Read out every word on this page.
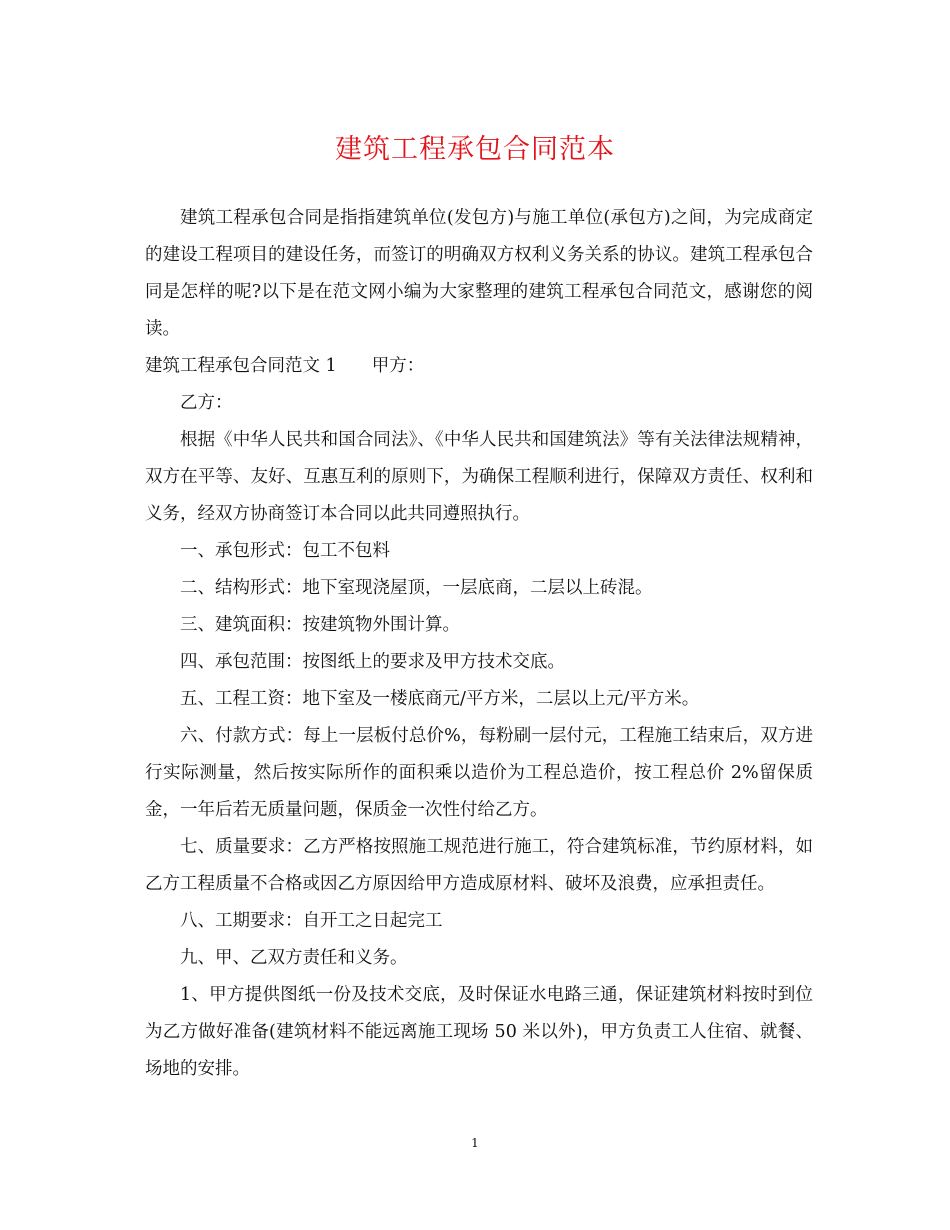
建筑工程承包合同范本

建筑工程承包合同是指指建筑单位(发包方)与施工单位(承包方)之间，为完成商定的建设工程项目的建设任务，而签订的明确双方权利义务关系的协议。建筑工程承包合同是怎样的呢?以下是在范文网小编为大家整理的建筑工程承包合同范文，感谢您的阅读。

建筑工程承包合同范文 1　　甲方：

乙方：

根据《中华人民共和国合同法》、《中华人民共和国建筑法》等有关法律法规精神，双方在平等、友好、互惠互利的原则下，为确保工程顺利进行，保障双方责任、权利和义务，经双方协商签订本合同以此共同遵照执行。

一、承包形式：包工不包料

二、结构形式：地下室现浇屋顶，一层底商，二层以上砖混。

三、建筑面积：按建筑物外围计算。

四、承包范围：按图纸上的要求及甲方技术交底。

五、工程工资：地下室及一楼底商元/平方米，二层以上元/平方米。

六、付款方式：每上一层板付总价%，每粉刷一层付元，工程施工结束后，双方进行实际测量，然后按实际所作的面积乘以造价为工程总造价，按工程总价 2%留保质金，一年后若无质量问题，保质金一次性付给乙方。

七、质量要求：乙方严格按照施工规范进行施工，符合建筑标准，节约原材料，如乙方工程质量不合格或因乙方原因给甲方造成原材料、破坏及浪费，应承担责任。

八、工期要求：自开工之日起完工

九、甲、乙双方责任和义务。

1、甲方提供图纸一份及技术交底，及时保证水电路三通，保证建筑材料按时到位为乙方做好准备(建筑材料不能远离施工现场 50 米以外)，甲方负责工人住宿、就餐、场地的安排。

1
